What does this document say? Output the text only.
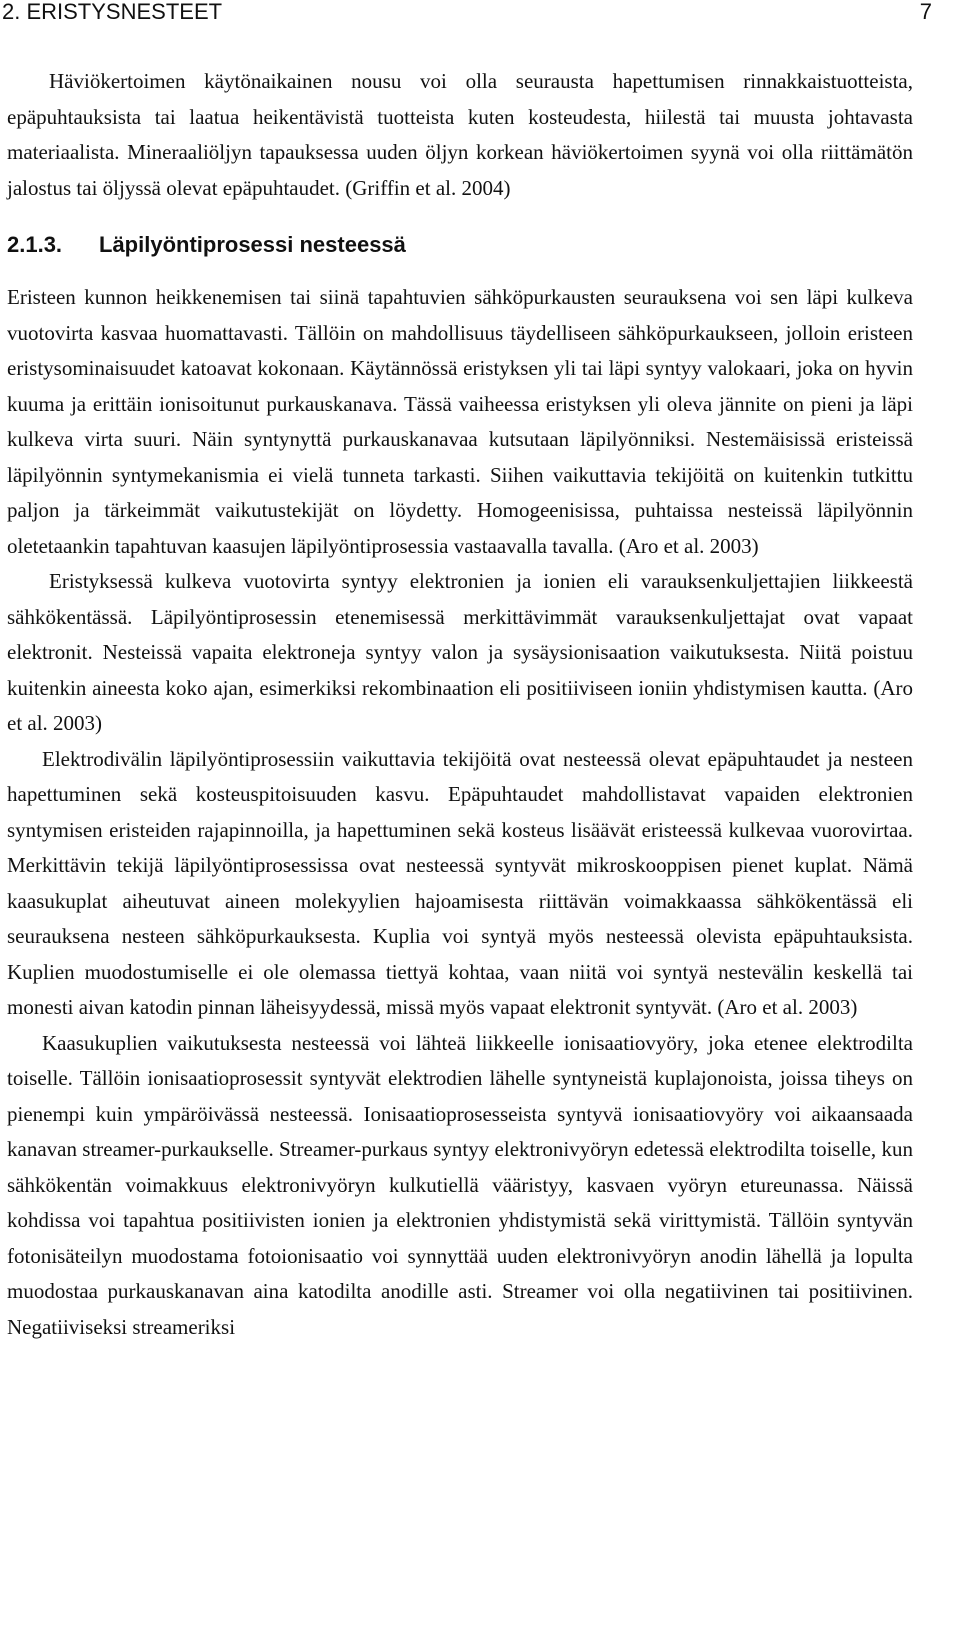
2. ERISTYSNESTEET	7

Häviökertoimen käytönaikainen nousu voi olla seurausta hapettumisen rinnakkaistuotteista, epäpuhtauksista tai laatua heikentävistä tuotteista kuten kosteudesta, hiilestä tai muusta johtavasta materiaalista. Mineraaliöljyn tapauksessa uuden öljyn korkean häviökertoimen syynä voi olla riittämätön jalostus tai öljyssä olevat epäpuhtaudet. (Griffin et al. 2004)

2.1.3. Läpilyöntiprosessi nesteessä

Eristeen kunnon heikkenemisen tai siinä tapahtuvien sähköpurkausten seurauksena voi sen läpi kulkeva vuotovirta kasvaa huomattavasti. Tällöin on mahdollisuus täydelliseen sähköpurkaukseen, jolloin eristeen eristysominaisuudet katoavat kokonaan. Käytännössä eristyksen yli tai läpi syntyy valokaari, joka on hyvin kuuma ja erittäin ionisoitunut purkauskanava. Tässä vaiheessa eristyksen yli oleva jännite on pieni ja läpi kulkeva virta suuri. Näin syntynyttä purkauskanavaa kutsutaan läpilyönniksi. Nestemäisissä eristeissä läpilyönnin syntymekanismia ei vielä tunneta tarkasti. Siihen vaikuttavia tekijöitä on kuitenkin tutkittu paljon ja tärkeimmät vaikutustekijät on löydetty. Homogeenisissa, puhtaissa nesteissä läpilyönnin oletetaankin tapahtuvan kaasujen läpilyöntiprosessia vastaavalla tavalla. (Aro et al. 2003)

Eristyksessä kulkeva vuotovirta syntyy elektronien ja ionien eli varauksenkuljettajien liikkeestä sähkökentässä. Läpilyöntiprosessin etenemisessä merkittävimmät varauksenkuljettajat ovat vapaat elektronit. Nesteissä vapaita elektroneja syntyy valon ja sysäysionisaation vaikutuksesta. Niitä poistuu kuitenkin aineesta koko ajan, esimerkiksi rekombinaation eli positiiviseen ioniin yhdistymisen kautta. (Aro et al. 2003)

Elektrodivälin läpilyöntiprosessiin vaikuttavia tekijöitä ovat nesteessä olevat epäpuhtaudet ja nesteen hapettuminen sekä kosteuspitoisuuden kasvu. Epäpuhtaudet mahdollistavat vapaiden elektronien syntymisen eristeiden rajapinnoilla, ja hapettuminen sekä kosteus lisäävät eristeessä kulkevaa vuorovirtaa. Merkittävin tekijä läpilyöntiprosessissa ovat nesteessä syntyvät mikroskooppisen pienet kuplat. Nämä kaasukuplat aiheutuvat aineen molekyylien hajoamisesta riittävän voimakkaassa sähkökentässä eli seurauksena nesteen sähköpurkauksesta. Kuplia voi syntyä myös nesteessä olevista epäpuhtauksista. Kuplien muodostumiselle ei ole olemassa tiettyä kohtaa, vaan niitä voi syntyä nestevälin keskellä tai monesti aivan katodin pinnan läheisyydessä, missä myös vapaat elektronit syntyvät. (Aro et al. 2003)

Kaasukuplien vaikutuksesta nesteessä voi lähteä liikkeelle ionisaatiovyöry, joka etenee elektrodilta toiselle. Tällöin ionisaatioprosessit syntyvät elektrodien lähelle syntyneistä kuplajonoista, joissa tiheys on pienempi kuin ympäröivässä nesteessä. Ionisaatioprosesseista syntyvä ionisaatiovyöry voi aikaansaada kanavan streamer-purkaukselle. Streamer-purkaus syntyy elektronivyöryn edetessä elektrodilta toiselle, kun sähkökentän voimakkuus elektronivyöryn kulkutiellä vääristyy, kasvaen vyöryn etureunassa. Näissä kohdissa voi tapahtua positiivisten ionien ja elektronien yhdistymistä sekä virittymistä. Tällöin syntyvän fotonisäteilyn muodostama fotoionisaatio voi synnyttää uuden elektronivyöryn anodin lähellä ja lopulta muodostaa purkauskanavan aina katodilta anodille asti. Streamer voi olla negatiivinen tai positiivinen. Negatiiviseksi streameriksi
